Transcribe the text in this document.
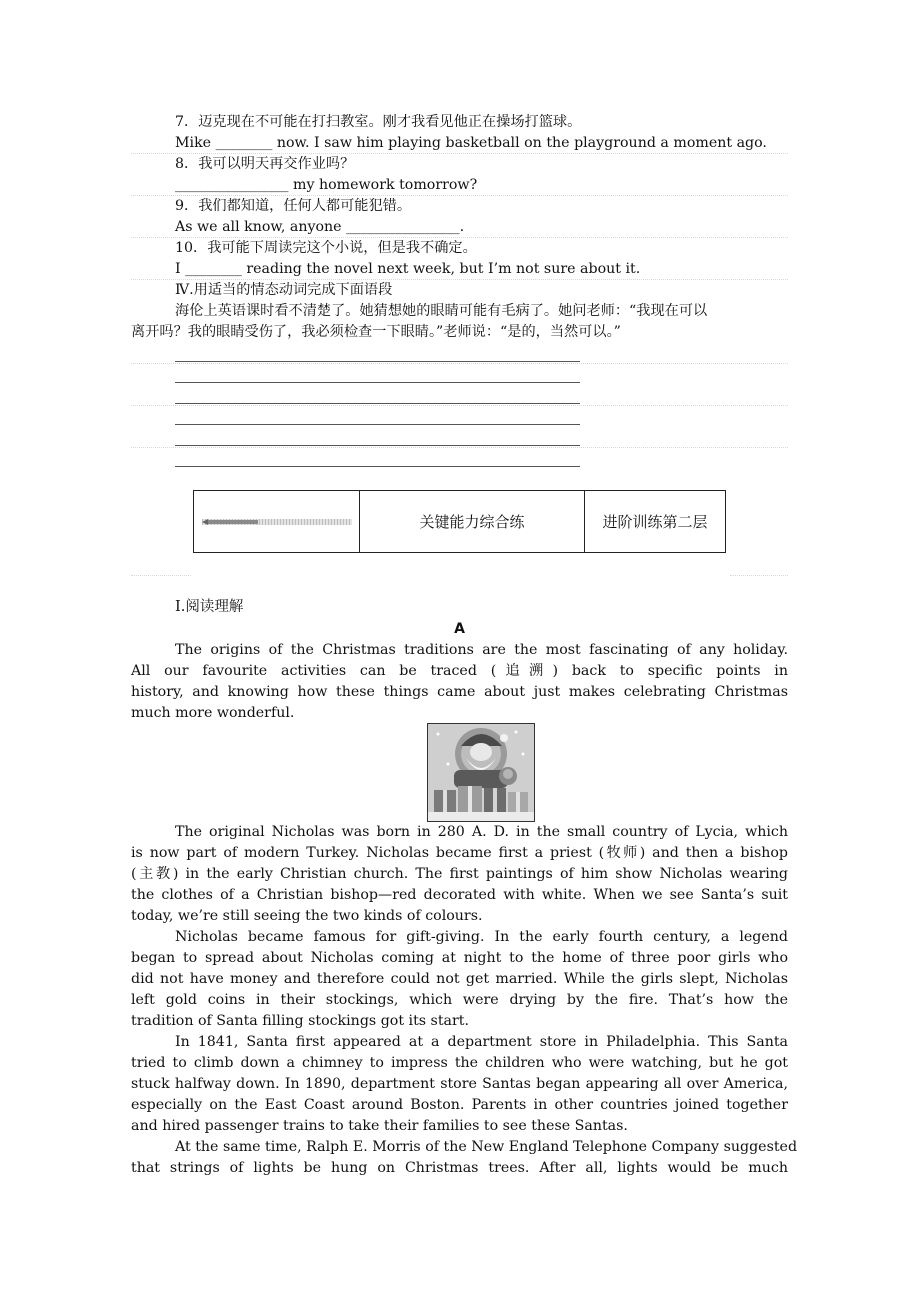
7．迈克现在不可能在打扫教室。刚才我看见他正在操场打篮球。
Mike ________ now. I saw him playing basketball on the playground a moment ago.
8．我可以明天再交作业吗？
________________ my homework tomorrow?
9．我们都知道，任何人都可能犯错。
As we all know, anyone ________________.
10．我可能下周读完这个小说，但是我不确定。
I ________ reading the novel next week, but I’m not sure about it.
Ⅳ.用适当的情态动词完成下面语段
海伦上英语课时看不清楚了。她猜想她的眼睛可能有毛病了。她问老师：“我现在可以
离开吗？我的眼睛受伤了，我必须检查一下眼睛。”老师说：“是的，当然可以。”
关键能力综合练	进阶训练第二层
Ⅰ.阅读理解
A
The origins of the Christmas traditions are the most fascinating of any holiday.
All our favourite activities can be traced (追溯) back to specific points in
history, and knowing how these things came about just makes celebrating Christmas
much more wonderful.
The original Nicholas was born in 280 A. D. in the small country of Lycia, which
is now part of modern Turkey. Nicholas became first a priest (牧师) and then a bishop
(主教) in the early Christian church. The first paintings of him show Nicholas wearing
the clothes of a Christian bishop—red decorated with white. When we see Santa’s suit
today, we’re still seeing the two kinds of colours.
Nicholas became famous for gift-giving. In the early fourth century, a legend
began to spread about Nicholas coming at night to the home of three poor girls who
did not have money and therefore could not get married. While the girls slept, Nicholas
left gold coins in their stockings, which were drying by the fire. That’s how the
tradition of Santa filling stockings got its start.
In 1841, Santa first appeared at a department store in Philadelphia. This Santa
tried to climb down a chimney to impress the children who were watching, but he got
stuck halfway down. In 1890, department store Santas began appearing all over America,
especially on the East Coast around Boston. Parents in other countries joined together
and hired passenger trains to take their families to see these Santas.
At the same time, Ralph E. Morris of the New England Telephone Company suggested
that strings of lights be hung on Christmas trees. After all, lights would be much
